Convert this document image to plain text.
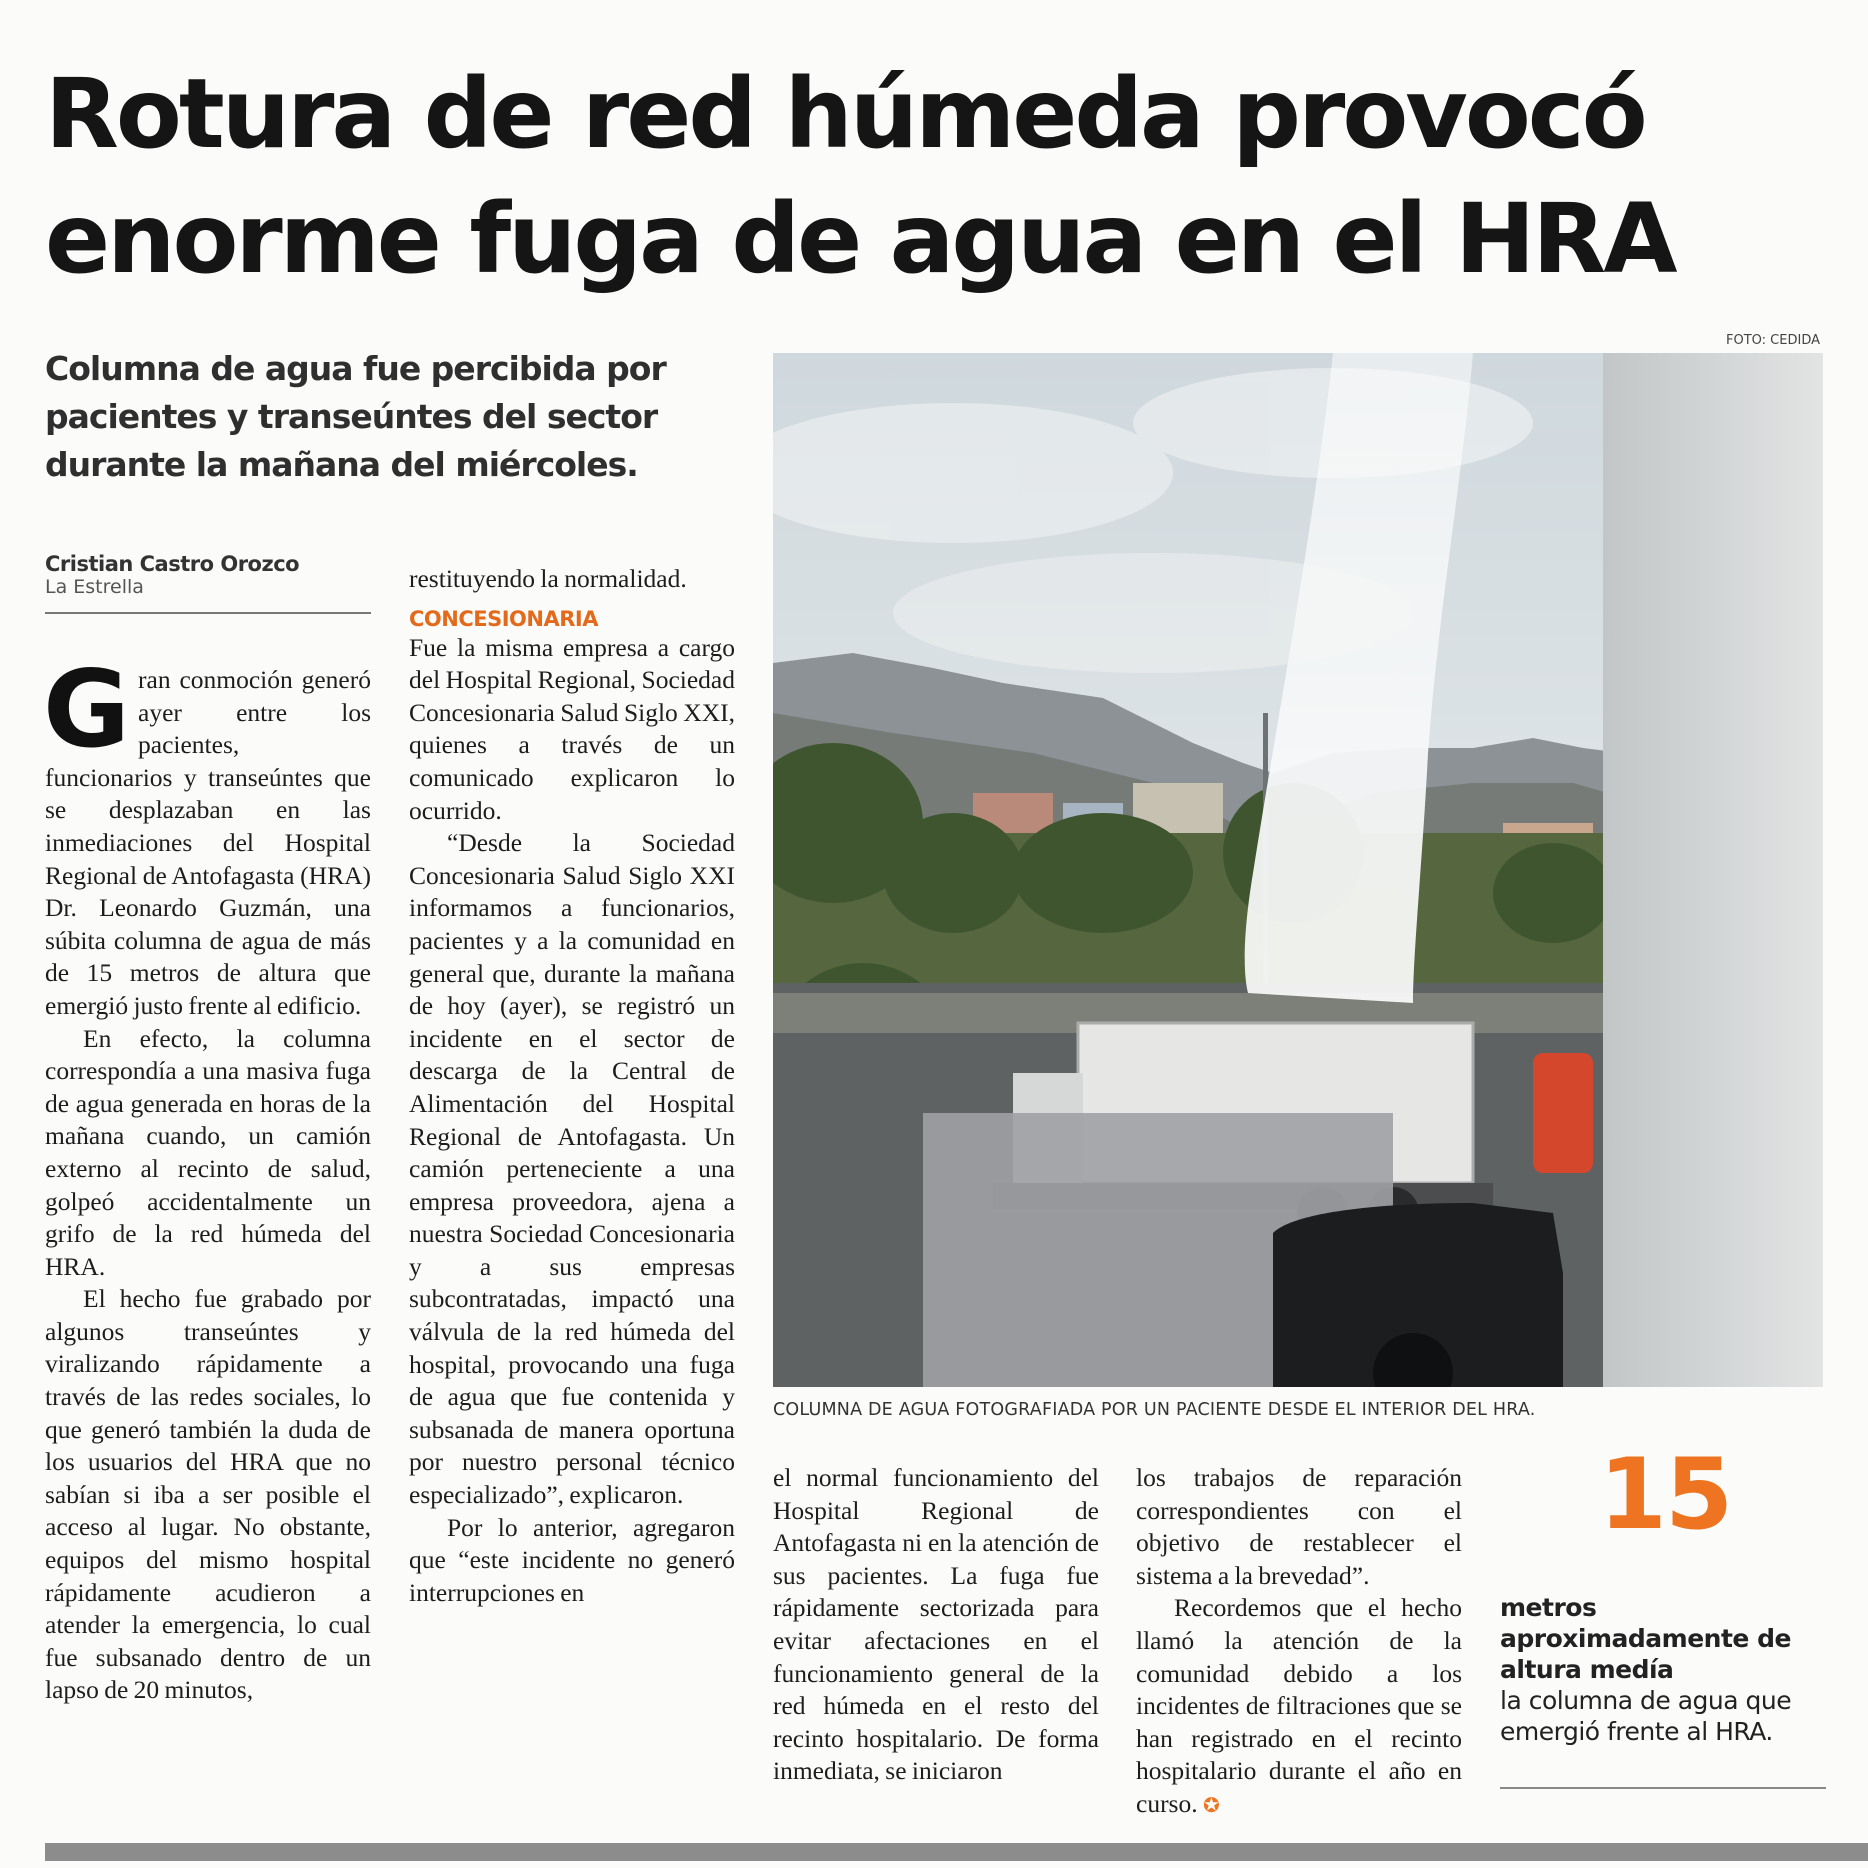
Rotura de red húmeda provocó
enorme fuga de agua en el HRA
FOTO: CEDIDA
Columna de agua fue percibida por pacientes y transeúntes del sector durante la mañana del miércoles.
Cristian Castro Orozco
La Estrella

Gran conmoción generó ayer entre los pacientes, funcionarios y transeúntes que se desplazaban en las inmediaciones del Hospital Regional de Antofagasta (HRA) Dr. Leonardo Guzmán, una súbita columna de agua de más de 15 metros de altura que emergió justo frente al edificio.

En efecto, la columna correspondía a una masiva fuga de agua generada en horas de la mañana cuando, un camión externo al recinto de salud, golpeó accidentalmente un grifo de la red húmeda del HRA.

El hecho fue grabado por algunos transeúntes y viralizando rápidamente a través de las redes sociales, lo que generó también la duda de los usuarios del HRA que no sabían si iba a ser posible el acceso al lugar. No obstante, equipos del mismo hospital rápidamente acudieron a atender la emergencia, lo cual fue subsanado dentro de un lapso de 20 minutos,

restituyendo la normalidad.

CONCESIONARIA

Fue la misma empresa a cargo del Hospital Regional, Sociedad Concesionaria Salud Siglo XXI, quienes a través de un comunicado explicaron lo ocurrido.

“Desde la Sociedad Concesionaria Salud Siglo XXI informamos a funcionarios, pacientes y a la comunidad en general que, durante la mañana de hoy (ayer), se registró un incidente en el sector de descarga de la Central de Alimentación del Hospital Regional de Antofagasta. Un camión perteneciente a una empresa proveedora, ajena a nuestra Sociedad Concesionaria y a sus empresas subcontratadas, impactó una válvula de la red húmeda del hospital, provocando una fuga de agua que fue contenida y subsanada de manera oportuna por nuestro personal técnico especializado”, explicaron.

Por lo anterior, agregaron que “este incidente no generó interrupciones en

el normal funcionamiento del Hospital Regional de Antofagasta ni en la atención de sus pacientes. La fuga fue rápidamente sectorizada para evitar afectaciones en el funcionamiento general de la red húmeda en el resto del recinto hospitalario. De forma inmediata, se iniciaron

los trabajos de reparación correspondientes con el objetivo de restablecer el sistema a la brevedad”.

Recordemos que el hecho llamó la atención de la comunidad debido a los incidentes de filtraciones que se han registrado en el recinto hospitalario durante el año en curso. ✪

COLUMNA DE AGUA FOTOGRAFIADA POR UN PACIENTE DESDE EL INTERIOR DEL HRA.
15
metros aproximadamente de altura medía
la columna de agua que emergió frente al HRA.
